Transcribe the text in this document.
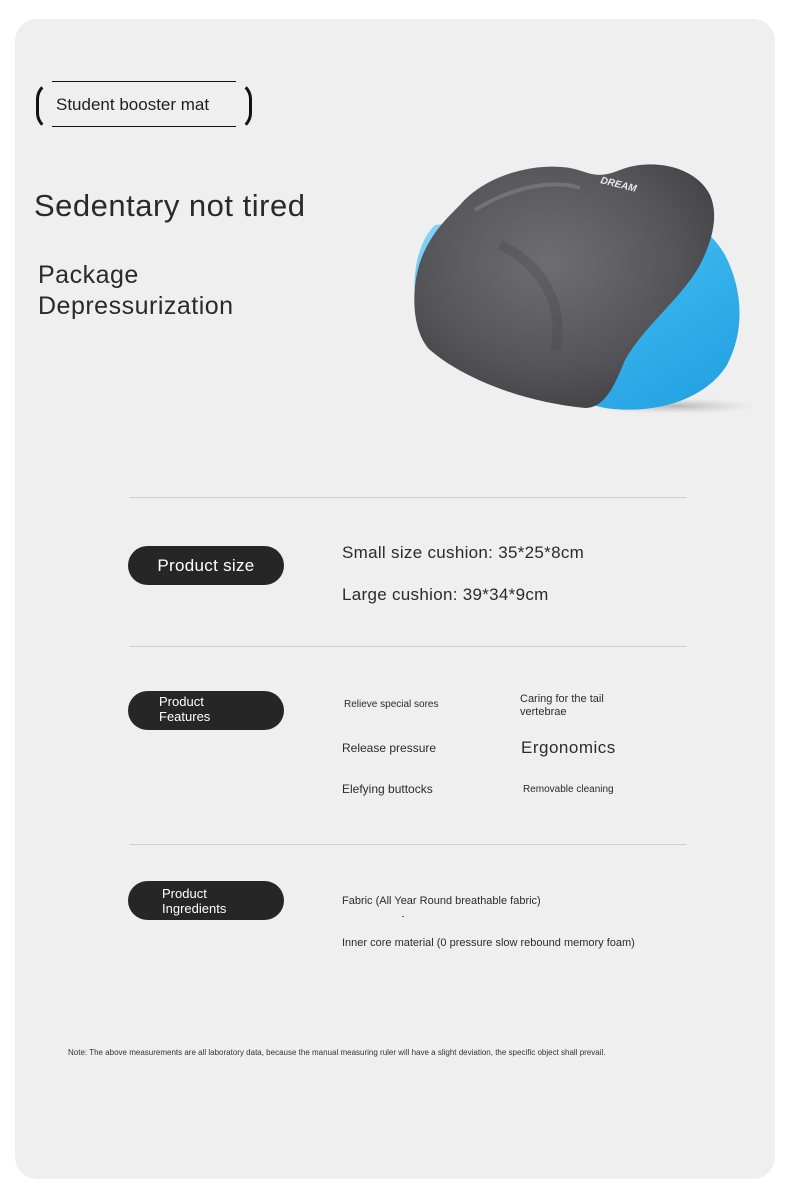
Student booster mat
Sedentary not tired
Package
Depressurization
DREAM
Product size
Small size cushion: 35*25*8cm
Large cushion: 39*34*9cm
Product
Features
Relieve special sores	Caring for the tail
vertebrae
Release pressure	Ergonomics
Elefying buttocks	Removable cleaning
Product
Ingredients	Fabric (All Year Round breathable fabric)
Inner core material (0 pressure slow rebound memory foam)
Note: The above measurements are all laboratory data, because the manual measuring ruler will have a slight deviation, the specific object shall prevail.
